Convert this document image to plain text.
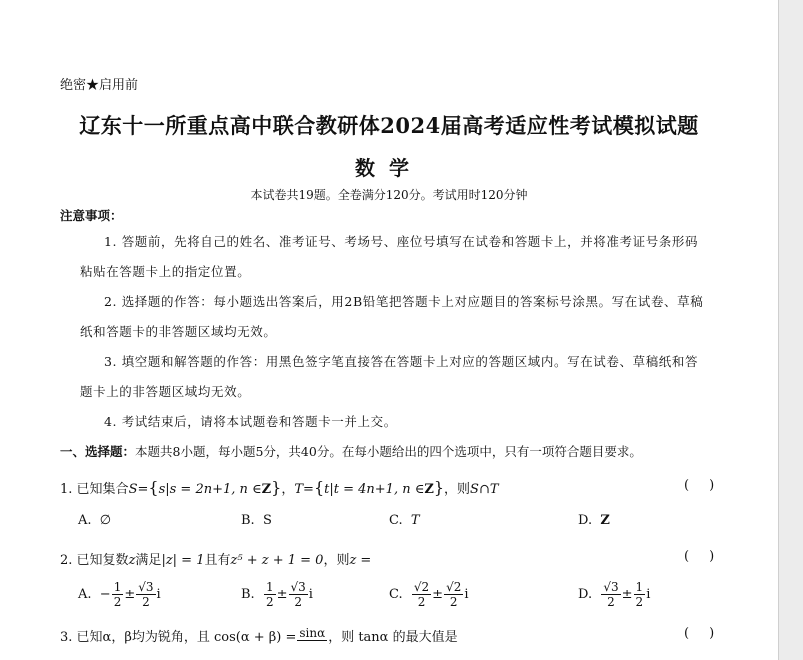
绝密★启用前
辽东十一所重点高中联合教研体2024届高考适应性考试模拟试题
数学
本试卷共19题。全卷满分120分。考试用时120分钟
注意事项：
1. 答题前，先将自己的姓名、准考证号、考场号、座位号填写在试卷和答题卡上，并将准考证号条形码
粘贴在答题卡上的指定位置。
2. 选择题的作答：每小题选出答案后，用2B铅笔把答题卡上对应题目的答案标号涂黑。写在试卷、草稿
纸和答题卡的非答题区域均无效。
3. 填空题和解答题的作答：用黑色签字笔直接答在答题卡上对应的答题区域内。写在试卷、草稿纸和答
题卡上的非答题区域均无效。
4. 考试结束后，请将本试题卷和答题卡一并上交。
一、选择题：本题共8小题，每小题5分，共40分。在每小题给出的四个选项中，只有一项符合题目要求。
1. 已知集合S={s|s = 2n+1, n ∈Z}，T={t|t = 4n+1, n ∈Z}，则S∩T	()
A. ∅	B. S	C. T	D. Z
2. 已知复数z满足|z| = 1且有z⁵ + z + 1 = 0，则z =	()
A. − $\frac{1}{2} \pm \frac{√3}{2}$ i	B. $\frac{1}{2} \pm \frac{√3}{2}$ i	C. $\frac{√2}{2} \pm \frac{√2}{2}$ i	D. $\frac{√3}{2} \pm \frac{1}{2}$ i
3. 已知α，β均为锐角，且 cos(α + β) = sinα ，则 tanα 的最大值是	()
